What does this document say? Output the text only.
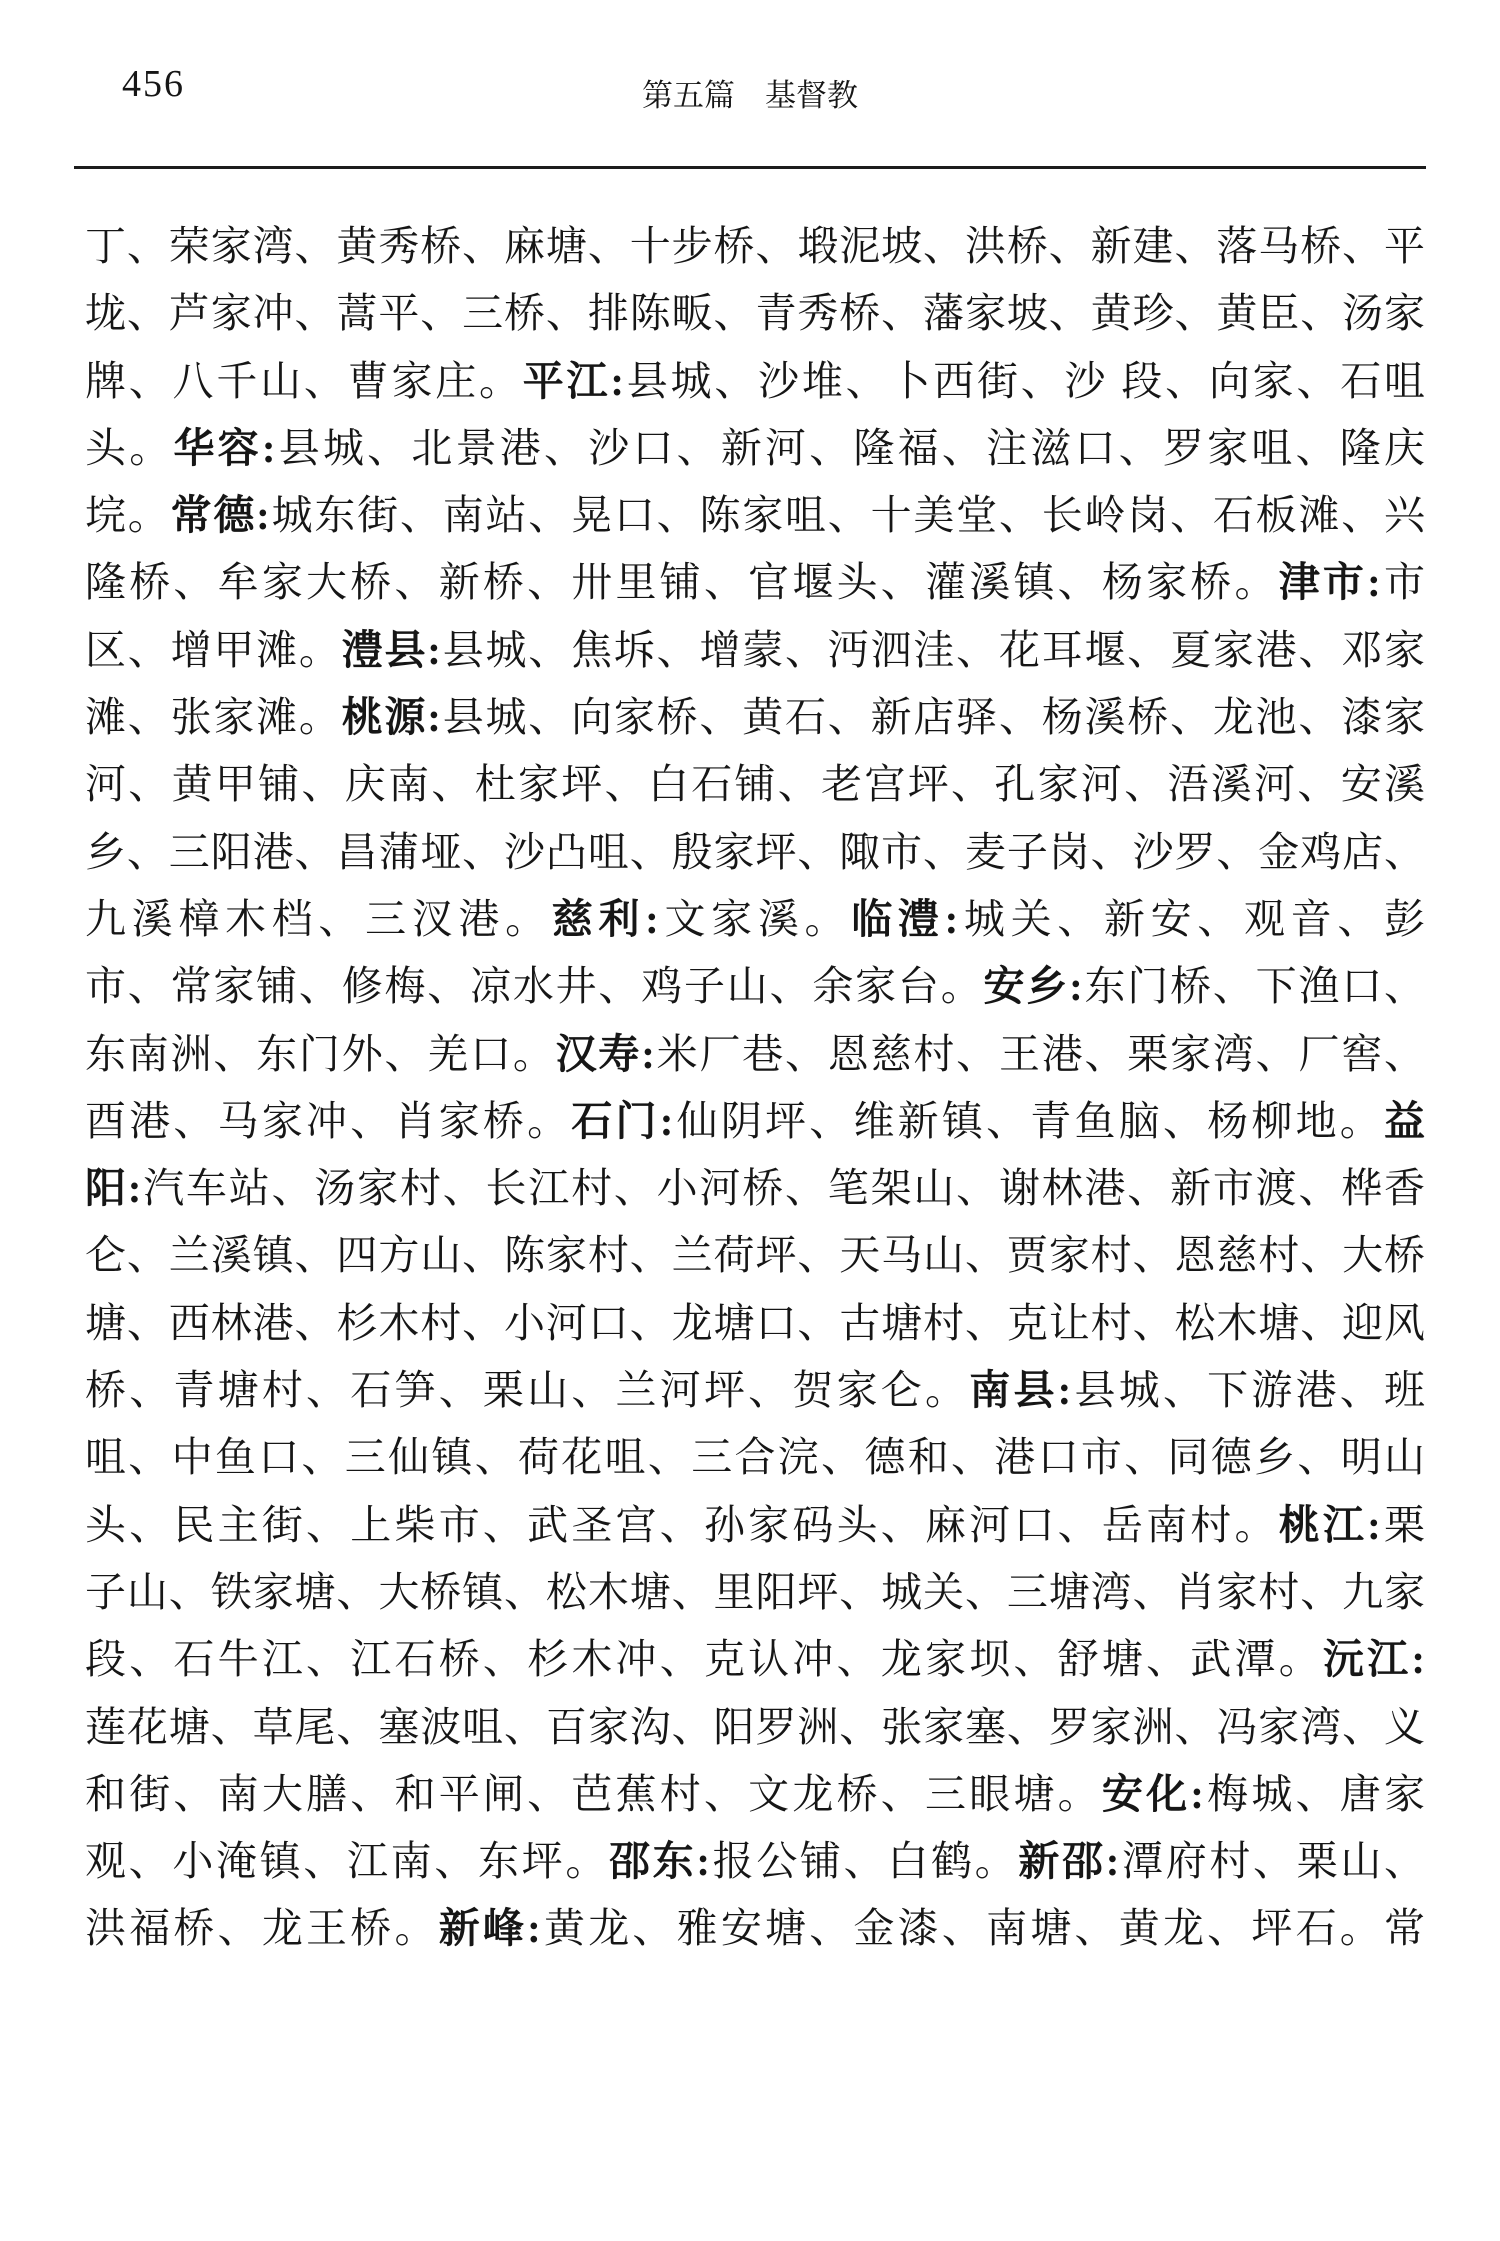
456	第五篇 基督教
丁、荣家湾、黄秀桥、麻塘、十步桥、塅泥坡、洪桥、新建、落马桥、平
垅、芦家冲、蒿平、三桥、排陈畈、青秀桥、藩家坡、黄珍、黄臣、汤家
牌、八千山、曹家庄。平江:县城、沙堆、卜西街、沙 段、向家、石咀
头。华容:县城、北景港、沙口、新河、隆福、注滋口、罗家咀、隆庆
垸。常德:城东街、南站、晃口、陈家咀、十美堂、长岭岗、石板滩、兴
隆桥、牟家大桥、新桥、卅里铺、官堰头、灌溪镇、杨家桥。津市:市
区、增甲滩。澧县:县城、焦坼、增蒙、沔泗洼、花耳堰、夏家港、邓家
滩、张家滩。桃源:县城、向家桥、黄石、新店驿、杨溪桥、龙池、漆家
河、黄甲铺、庆南、杜家坪、白石铺、老宫坪、孔家河、浯溪河、安溪
乡、三阳港、昌蒲垭、沙凸咀、殷家坪、陬市、麦子岗、沙罗、金鸡店、
九溪樟木档、三汊港。慈利:文家溪。临澧:城关、新安、观音、彭
市、常家铺、修梅、凉水井、鸡子山、余家台。安乡:东门桥、下渔口、
东南洲、东门外、羌口。汉寿:米厂巷、恩慈村、王港、栗家湾、厂窖、
酉港、马家冲、肖家桥。石门:仙阴坪、维新镇、青鱼脑、杨柳地。益
阳:汽车站、汤家村、长江村、小河桥、笔架山、谢林港、新市渡、桦香
仑、兰溪镇、四方山、陈家村、兰荷坪、天马山、贾家村、恩慈村、大桥
塘、西林港、杉木村、小河口、龙塘口、古塘村、克让村、松木塘、迎风
桥、青塘村、石笋、栗山、兰河坪、贺家仑。南县:县城、下游港、班
咀、中鱼口、三仙镇、荷花咀、三合浣、德和、港口市、同德乡、明山
头、民主街、上柴市、武圣宫、孙家码头、麻河口、岳南村。桃江:栗
子山、铁家塘、大桥镇、松木塘、里阳坪、城关、三塘湾、肖家村、九家
段、石牛江、江石桥、杉木冲、克认冲、龙家坝、舒塘、武潭。沅江:
莲花塘、草尾、塞波咀、百家沟、阳罗洲、张家塞、罗家洲、冯家湾、义
和街、南大膳、和平闸、芭蕉村、文龙桥、三眼塘。安化:梅城、唐家
观、小淹镇、江南、东坪。邵东:报公铺、白鹤。新邵:潭府村、栗山、
洪福桥、龙王桥。新峰:黄龙、雅安塘、金漆、南塘、黄龙、坪石。常
